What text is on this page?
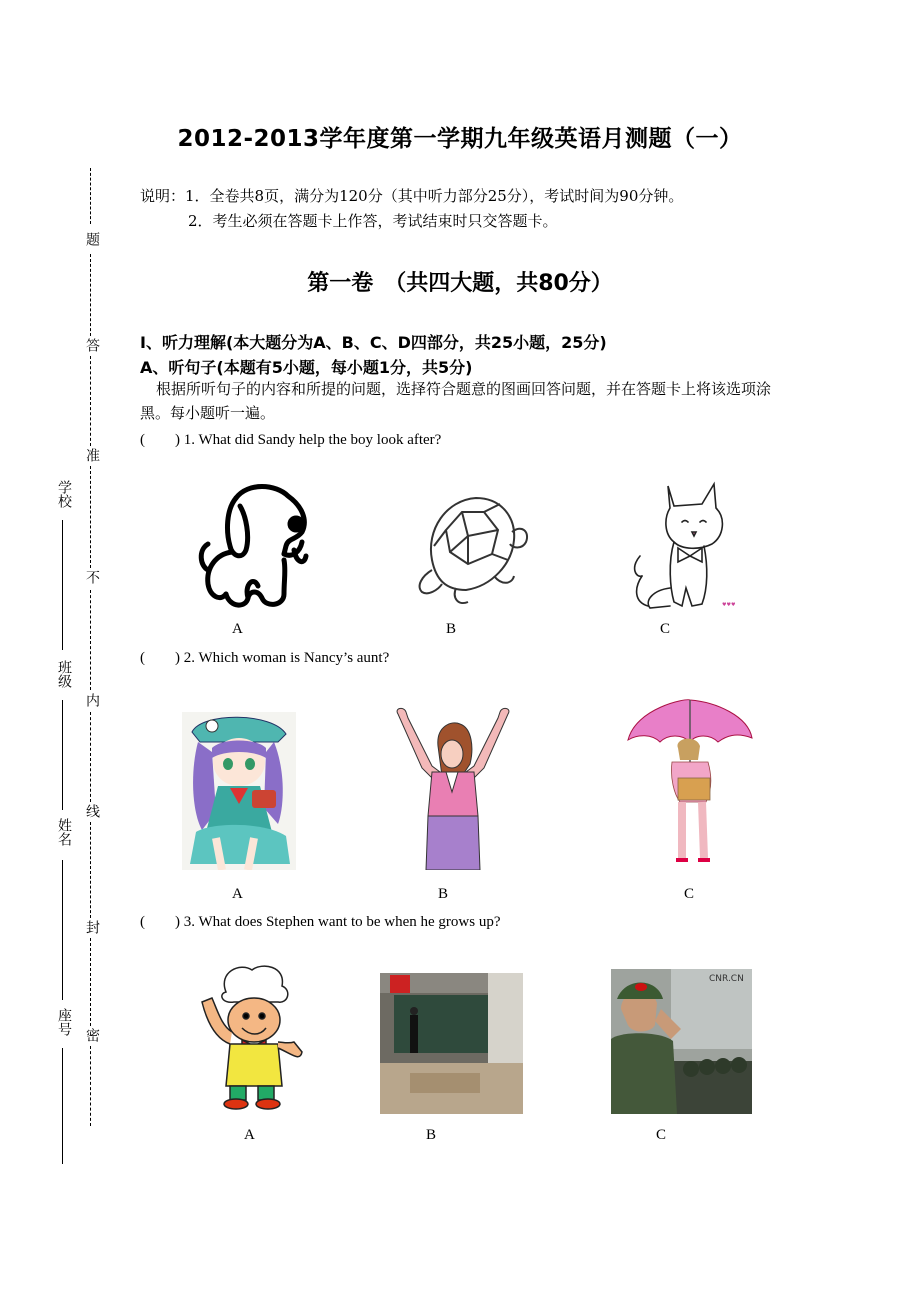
2012-2013学年度第一学期九年级英语月测题（一）
说明：1．全卷共8页，满分为120分（其中听力部分25分），考试时间为90分钟。
2．考生必须在答题卡上作答，考试结束时只交答题卡。
第一卷　（共四大题，共80分）
Ⅰ、听力理解(本大题分为A、B、C、D四部分，共25小题，25分)
A、听句子(本题有5小题，每小题1分，共5分)
根据所听句子的内容和所提的问题，选择符合题意的图画回答问题，并在答题卡上将该选项涂黑。每小题听一遍。
题
答
准
不
内
线
封
密
学校
班级
姓名
座号
(　　) 1. What did Sandy help the boy look after?
A	B
♥♥♥
C
(　　) 2. Which woman is Nancy’s aunt?
A	B	C
(　　) 3. What does Stephen want to be when he grows up?
A	B
CNR.CN
C
